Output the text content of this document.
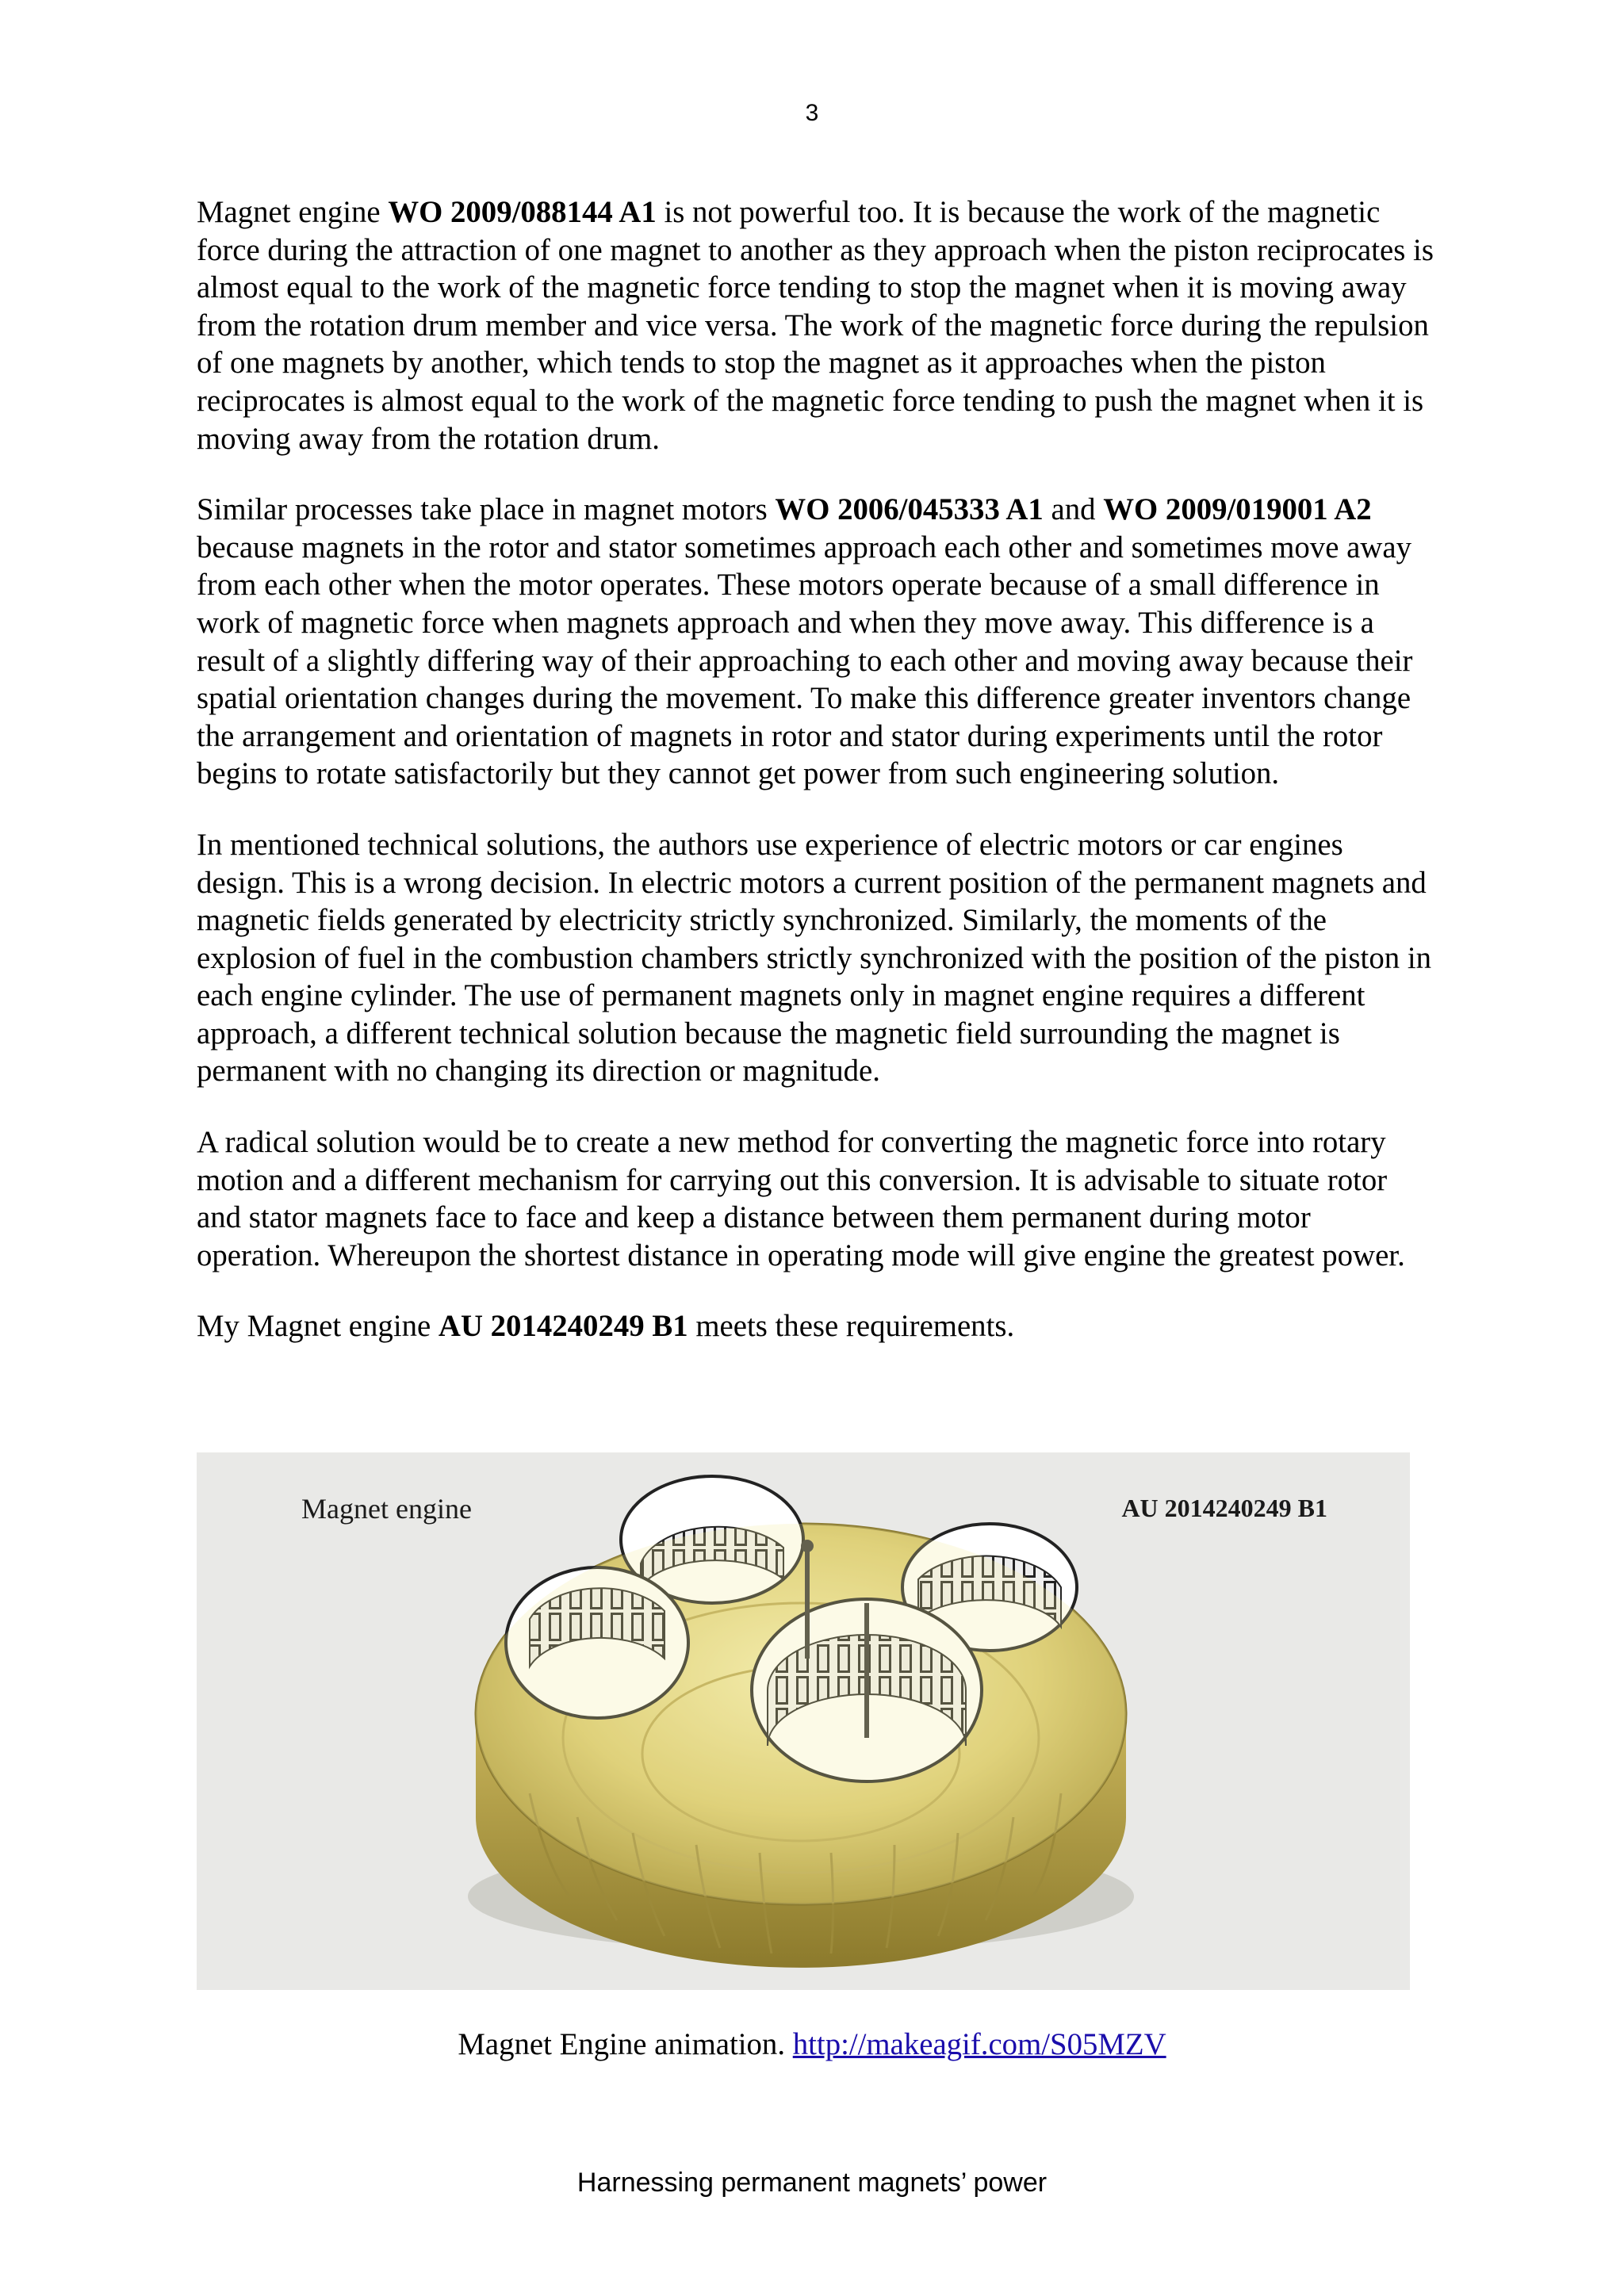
3

Magnet engine WO 2009/088144 A1 is not powerful too. It is because the work of the magnetic force during the attraction of one magnet to another as they approach when the piston reciprocates is almost equal to the work of the magnetic force tending to stop the magnet when it is moving away from the rotation drum member and vice versa. The work of the magnetic force during the repulsion of one magnets by another, which tends to stop the magnet as it approaches when the piston reciprocates is almost equal to the work of the magnetic force tending to push the magnet when it is moving away from the rotation drum.

Similar processes take place in magnet motors WO 2006/045333 A1 and WO 2009/019001 A2 because magnets in the rotor and stator sometimes approach each other and sometimes move away from each other when the motor operates. These motors operate because of a small difference in work of magnetic force when magnets approach and when they move away. This difference is a result of a slightly differing way of their approaching to each other and moving away because their spatial orientation changes during the movement. To make this difference greater inventors change the arrangement and orientation of magnets in rotor and stator during experiments until the rotor begins to rotate satisfactorily but they cannot get power from such engineering solution.

In mentioned technical solutions, the authors use experience of electric motors or car engines design. This is a wrong decision. In electric motors a current position of the permanent magnets and magnetic fields generated by electricity strictly synchronized. Similarly, the moments of the explosion of fuel in the combustion chambers strictly synchronized with the position of the piston in each engine cylinder. The use of permanent magnets only in magnet engine requires a different approach, a different technical solution because the magnetic field surrounding the magnet is permanent with no changing its direction or magnitude.

A radical solution would be to create a new method for converting the magnetic force into rotary motion and a different mechanism for carrying out this conversion. It is advisable to situate rotor and stator magnets face to face and keep a distance between them permanent during motor operation. Whereupon the shortest distance in operating mode will give engine the greatest power.

My Magnet engine AU 2014240249 B1 meets these requirements.

Magnet engine	AU 2014240249 B1
Magnet Engine animation. http://makeagif.com/S05MZV
Harnessing permanent magnets’ power
